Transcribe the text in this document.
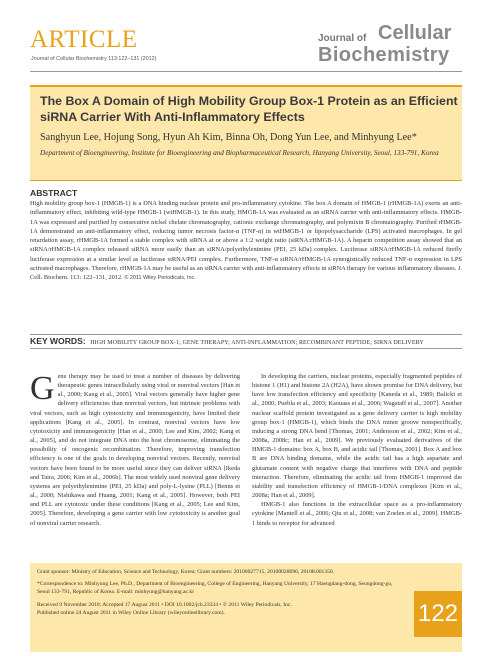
ARTICLE
Journal of Cellular Biochemistry 113:122–131 (2012)
Journal of Cellular
Biochemistry
The Box A Domain of High Mobility Group Box-1 Protein as an Efficient siRNA Carrier With Anti-Inflammatory Effects
Sanghyun Lee, Hojung Song, Hyun Ah Kim, Binna Oh, Dong Yun Lee, and Minhyung Lee*
Department of Bioengineering, Institute for Bioengineering and Biopharmaceutical Research, Hanyang University, Seoul, 133-791, Korea
ABSTRACT
High mobility group box-1 (HMGB-1) is a DNA binding nuclear protein and pro-inflammatory cytokine. The box A domain of HMGB-1 (rHMGB-1A) exerts an anti-inflammatory effect, inhibiting wild-type HMGB-1 (wtHMGB-1). In this study, HMGB-1A was evaluated as an siRNA carrier with anti-inflammatory effects. HMGB-1A was expressed and purified by consecutive nickel chelate chromatography, cationic exchange chromatography, and polymixin B chromatography. Purified rHMGB-1A demonstrated an anti-inflammatory effect, reducing tumor necrosis factor-α (TNF-α) in wtHMGB-1 or lipopolysaccharide (LPS) activated macrophages. In gel retardation assay, rHMGB-1A formed a stable complex with siRNA at or above a 1:2 weight ratio (siRNA:rHMGB-1A). A heparin competition assay showed that an siRNA/rHMGB-1A complex released siRNA more easily than an siRNA/polyethylenimine (PEI, 25 kDa) complex. Luciferase siRNA/rHMGB-1A reduced firefly luciferase expression at a similar level as luciferase siRNA/PEI complex. Furthermore, TNF-α siRNA/rHMGB-1A synergistically reduced TNF-α expression in LPS activated macrophages. Therefore, rHMGB-1A may be useful as an siRNA carrier with anti-inflammatory effects in siRNA therapy for various inflammatory diseases. J. Cell. Biochem. 113: 122–131, 2012. © 2011 Wiley Periodicals, Inc.
KEY WORDS: HIGH MOBILITY GROUP BOX-1; GENE THERAPY; ANTI-INFLAMMATION; RECOMBINANT PEPTIDE; SIRNA DELIVERY

Gene therapy may be used to treat a number of diseases by delivering therapeutic genes intracellularly using viral or nonviral vectors [Han et al., 2000; Kang et al., 2005]. Viral vectors generally have higher gene delivery efficiencies than nonviral vectors, but intrinsic problems with viral vectors, such as high cytotoxicity and immunogenicity, have limited their applications [Kang et al., 2005]. In contrast, nonviral vectors have low cytotoxicity and immunogenicity [Han et al., 2000; Lee and Kim, 2002; Kang et al., 2005], and do not integrate DNA into the host chromosome, eliminating the possibility of oncogenic recombination. Therefore, improving transfection efficiency is one of the goals in developing nonviral vectors. Recently, nonviral vectors have been found to be more useful since they can deliver siRNA [Ikeda and Taira, 2006; Kim et al., 2006b]. The most widely used nonviral gene delivery systems are polyethylenimine (PEI, 25 kDa) and poly-L-lysine (PLL) [Benns et al., 2000; Nishikawa and Huang, 2001; Kang et al., 2005]. However, both PEI and PLL are cytotoxic under these conditions [Kang et al., 2005; Lee and Kim, 2005]. Therefore, developing a gene carrier with low cytotoxicity is another goal of nonviral carrier research.

In developing the carriers, nuclear proteins, especially fragmented peptides of histone 1 (H1) and histone 2A (H2A), have shown promise for DNA delivery, but have low transfection efficiency and specificity [Kaneda et al., 1989; Balicki et al., 2000; Puebla et al., 2003; Kaouass et al., 2006; Wagstaff et al., 2007]. Another nuclear scaffold protein investigated as a gene delivery carrier is high mobility group box-1 (HMGB-1), which binds the DNA minor groove nonspecifically, inducing a strong DNA bend [Thomas, 2001; Andersson et al., 2002; Kim et al., 2008a, 2008c; Han et al., 2009]. We previously evaluated derivatives of the HMGB-1 domains: box A, box B, and acidic tail [Thomas, 2001]. Box A and box B are DNA binding domains, while the acidic tail has a high aspartate and glutamate content with negative charge that interferes with DNA and peptide interaction. Therefore, eliminating the acidic tail from HMGB-1 improved the stability and transfection efficiency of HMGB-1/DNA complexes [Kim et al., 2008a; Han et al., 2009].

HMGB-1 also functions in the extracellular space as a pro-inflammatory cytokine [Mantell et al., 2006; Qiu et al., 2008; van Zoelen et al., 2009]. HMGB-1 binds to receptor for advanced

Grant sponsor: Ministry of Education, Science and Technology, Korea; Grant numbers: 20100027715, 20100028096, 2010K001350.

*Correspondence to: Minhyung Lee, Ph.D., Department of Bioengineering, College of Engineering, Hanyang University, 17 Haengdang-dong, Seongdong-gu, Seoul 133-791, Republic of Korea. E-mail: minhyung@hanyang.ac.kr

Received 9 November 2010; Accepted 17 August 2011 • DOI 10.1002/jcb.23334 • © 2011 Wiley Periodicals, Inc.
Published online 24 August 2011 in Wiley Online Library (wileyonlinelibrary.com).	122
